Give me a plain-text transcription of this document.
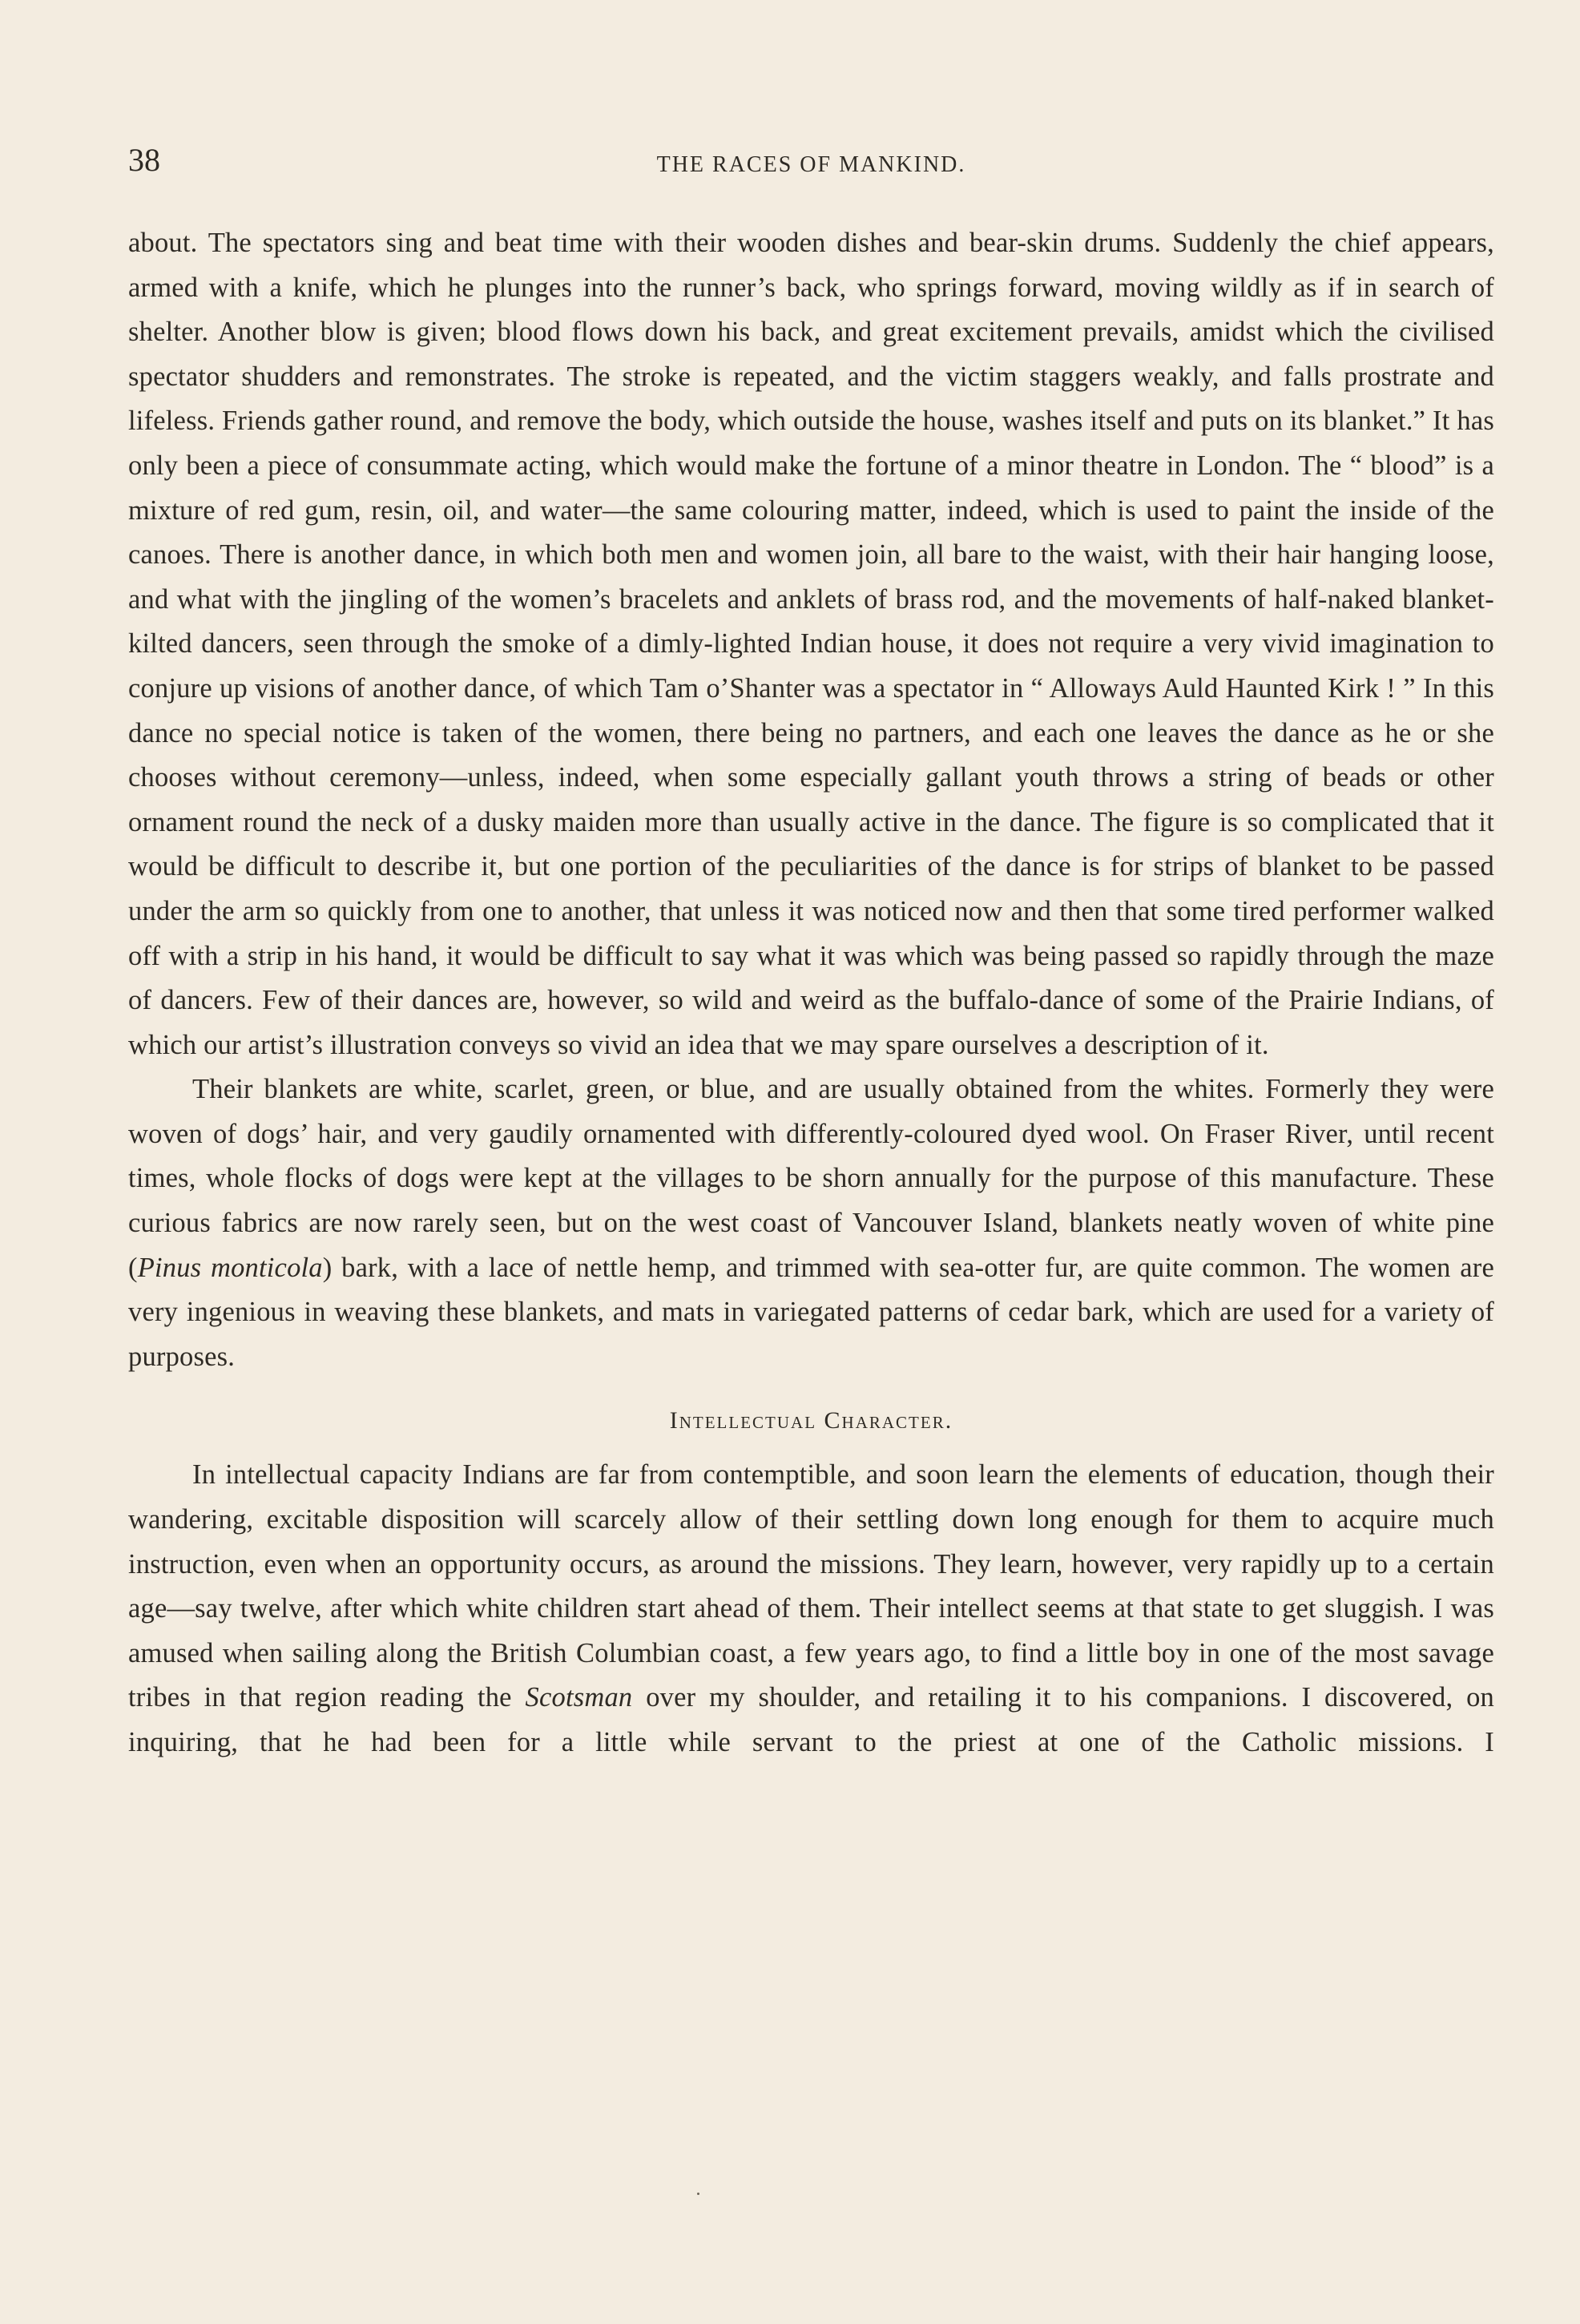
38	THE RACES OF MANKIND.

about. The spectators sing and beat time with their wooden dishes and bear-skin drums. Suddenly the chief appears, armed with a knife, which he plunges into the runner’s back, who springs forward, moving wildly as if in search of shelter. Another blow is given; blood flows down his back, and great excitement prevails, amidst which the civilised spectator shudders and remonstrates. The stroke is repeated, and the victim staggers weakly, and falls prostrate and lifeless. Friends gather round, and remove the body, which outside the house, washes itself and puts on its blanket.” It has only been a piece of consummate acting, which would make the fortune of a minor theatre in London. The “ blood” is a mixture of red gum, resin, oil, and water—the same colouring matter, indeed, which is used to paint the inside of the canoes. There is another dance, in which both men and women join, all bare to the waist, with their hair hanging loose, and what with the jingling of the women’s bracelets and anklets of brass rod, and the movements of half-naked blanket-kilted dancers, seen through the smoke of a dimly-lighted Indian house, it does not require a very vivid imagination to conjure up visions of another dance, of which Tam o’Shanter was a spectator in “ Alloways Auld Haunted Kirk ! ” In this dance no special notice is taken of the women, there being no partners, and each one leaves the dance as he or she chooses without ceremony—unless, indeed, when some especially gallant youth throws a string of beads or other ornament round the neck of a dusky maiden more than usually active in the dance. The figure is so complicated that it would be difficult to describe it, but one portion of the peculiarities of the dance is for strips of blanket to be passed under the arm so quickly from one to another, that unless it was noticed now and then that some tired performer walked off with a strip in his hand, it would be difficult to say what it was which was being passed so rapidly through the maze of dancers. Few of their dances are, however, so wild and weird as the buffalo-dance of some of the Prairie Indians, of which our artist’s illustration conveys so vivid an idea that we may spare ourselves a description of it.

Their blankets are white, scarlet, green, or blue, and are usually obtained from the whites. Formerly they were woven of dogs’ hair, and very gaudily ornamented with differently-coloured dyed wool. On Fraser River, until recent times, whole flocks of dogs were kept at the villages to be shorn annually for the purpose of this manufacture. These curious fabrics are now rarely seen, but on the west coast of Vancouver Island, blankets neatly woven of white pine (Pinus monticola) bark, with a lace of nettle hemp, and trimmed with sea-otter fur, are quite common. The women are very ingenious in weaving these blankets, and mats in variegated patterns of cedar bark, which are used for a variety of purposes.

Intellectual Character.

In intellectual capacity Indians are far from contemptible, and soon learn the elements of education, though their wandering, excitable disposition will scarcely allow of their settling down long enough for them to acquire much instruction, even when an opportunity occurs, as around the missions. They learn, however, very rapidly up to a certain age—say twelve, after which white children start ahead of them. Their intellect seems at that state to get sluggish. I was amused when sailing along the British Columbian coast, a few years ago, to find a little boy in one of the most savage tribes in that region reading the Scotsman over my shoulder, and retailing it to his companions. I discovered, on inquiring, that he had been for a little while servant to the priest at one of the Catholic missions. I
